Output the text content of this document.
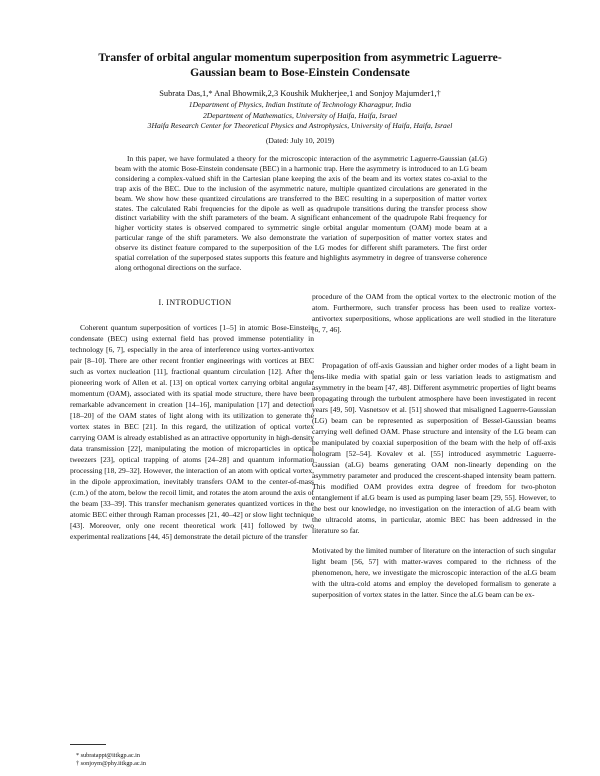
Transfer of orbital angular momentum superposition from asymmetric Laguerre-Gaussian beam to Bose-Einstein Condensate
Subrata Das,1,* Anal Bhowmik,2,3 Koushik Mukherjee,1 and Sonjoy Majumder1,†
1Department of Physics, Indian Institute of Technology Kharagpur, India
2Department of Mathematics, University of Haifa, Haifa, Israel
3Haifa Research Center for Theoretical Physics and Astrophysics, University of Haifa, Haifa, Israel
(Dated: July 10, 2019)
In this paper, we have formulated a theory for the microscopic interaction of the asymmetric Laguerre-Gaussian (aLG) beam with the atomic Bose-Einstein condensate (BEC) in a harmonic trap. Here the asymmetry is introduced to an LG beam considering a complex-valued shift in the Cartesian plane keeping the axis of the beam and its vortex states co-axial to the trap axis of the BEC. Due to the inclusion of the asymmetric nature, multiple quantized circulations are generated in the beam. We show how these quantized circulations are transferred to the BEC resulting in a superposition of matter vortex states. The calculated Rabi frequencies for the dipole as well as quadrupole transitions during the transfer process show distinct variability with the shift parameters of the beam. A significant enhancement of the quadrupole Rabi frequency for higher vorticity states is observed compared to symmetric single orbital angular momentum (OAM) mode beam at a particular range of the shift parameters. We also demonstrate the variation of superposition of matter vortex states and observe its distinct feature compared to the superposition of the LG modes for different shift parameters. The first order spatial correlation of the superposed states supports this feature and highlights asymmetry in degree of transverse coherence along orthogonal directions on the surface.
I. INTRODUCTION

Coherent quantum superposition of vortices [1–5] in atomic Bose-Einstein condensate (BEC) using external field has proved immense potentiality in technology [6, 7], especially in the area of interference using vortex-antivortex pair [8–10]. There are other recent frontier engineerings with vortices at BEC such as vortex nucleation [11], fractional quantum circulation [12]. After the pioneering work of Allen et al. [13] on optical vortex carrying orbital angular momentum (OAM), associated with its spatial mode structure, there have been remarkable advancement in creation [14–16], manipulation [17] and detection [18–20] of the OAM states of light along with its utilization to generate the vortex states in BEC [21]. In this regard, the utilization of optical vortex carrying OAM is already established as an attractive opportunity in high-density data transmission [22], manipulating the motion of microparticles in optical tweezers [23], optical trapping of atoms [24–28] and quantum information processing [18, 29–32]. However, the interaction of an atom with optical vortex, in the dipole approximation, inevitably transfers OAM to the center-of-mass (c.m.) of the atom, below the recoil limit, and rotates the atom around the axis of the beam [33–39]. This transfer mechanism generates quantized vortices in the atomic BEC either through Raman processes [21, 40–42] or slow light technique [43]. Moreover, only one recent theoretical work [41] followed by two experimental realizations [44, 45] demonstrate the detail picture of the transfer

procedure of the OAM from the optical vortex to the electronic motion of the atom. Furthermore, such transfer process has been used to realize vortex-antivortex superpositions, whose applications are well studied in the literature [6, 7, 46].

Propagation of off-axis Gaussian and higher order modes of a light beam in lens-like media with spatial gain or less variation leads to astigmatism and asymmetry in the beam [47, 48]. Different asymmetric properties of light beams propagating through the turbulent atmosphere have been investigated in recent years [49, 50]. Vasnetsov et al. [51] showed that misaligned Laguerre-Gaussian (LG) beam can be represented as superposition of Bessel-Gaussian beams carrying well defined OAM. Phase structure and intensity of the LG beam can be manipulated by coaxial superposition of the beam with the help of off-axis hologram [52–54]. Kovalev et al. [55] introduced asymmetric Laguerre-Gaussian (aLG) beams generating OAM non-linearly depending on the asymmetry parameter and produced the crescent-shaped intensity beam pattern. This modified OAM provides extra degree of freedom for two-photon entanglement if aLG beam is used as pumping laser beam [29, 55]. However, to the best our knowledge, no investigation on the interaction of aLG beam with the ultracold atoms, in particular, atomic BEC has been addressed in the literature so far.

Motivated by the limited number of literature on the interaction of such singular light beam [56, 57] with matter-waves compared to the richness of the phenomenon, here, we investigate the microscopic interaction of the aLG beam with the ultra-cold atoms and employ the developed formalism to generate a superposition of vortex states in the latter. Since the aLG beam can be ex-

* subratappt@iitkgp.ac.in
† sonjoym@phy.iitkgp.ac.in
